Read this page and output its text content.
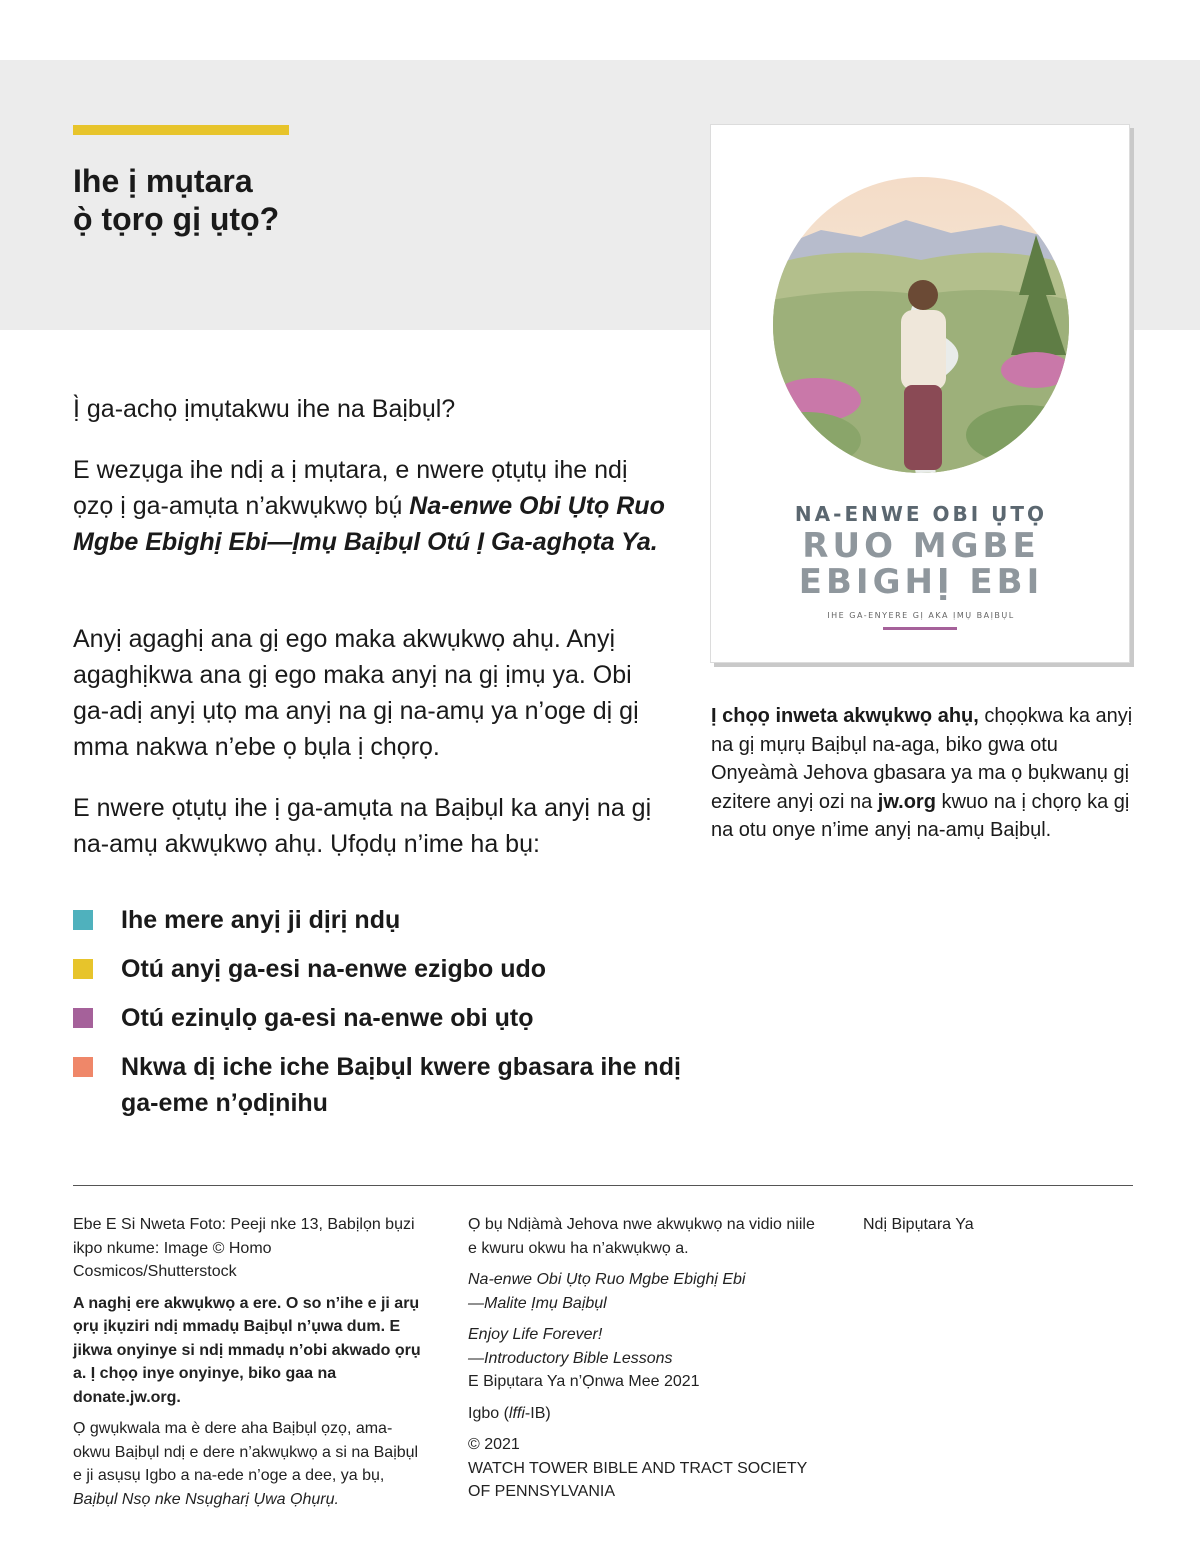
Ihe ị mụtara
ọ̀ tọrọ gị ụtọ?
NA-ENWE OBI ỤTỌ
RUO MGBE
EBIGHỊ EBI
IHE GA-ENYERE GỊ AKA ỊMỤ BAỊBỤL

Ị̀ ga-achọ ịmụtakwu ihe na Baịbụl?

E wezụga ihe ndị a ị mụtara, e nwere ọtụtụ ihe ndị ọzọ ị ga-amụta n’akwụkwọ bụ́ Na-enwe Obi Ụtọ Ruo Mgbe Ebighị Ebi—Ịmụ Baịbụl Otú Ị Ga-aghọta Ya.

Anyị agaghị ana gị ego maka akwụkwọ ahụ. Anyị agaghịkwa ana gị ego maka anyị na gị ịmụ ya. Obi ga-adị anyị ụtọ ma anyị na gị na-amụ ya n’oge dị gị mma nakwa n’ebe ọ bụla ị chọrọ.

E nwere ọtụtụ ihe ị ga-amụta na Baịbụl ka anyị na gị na-amụ akwụkwọ ahụ. Ụfọdụ n’ime ha bụ:

Ihe mere anyị ji dịrị ndụ
Otú anyị ga-esi na-enwe ezigbo udo
Otú ezinụlọ ga-esi na-enwe obi ụtọ
Nkwa dị iche iche Baịbụl kwere gbasara ihe ndị ga-eme n’ọdịnihu

Ị chọọ inweta akwụkwọ ahụ, chọọkwa ka anyị na gị mụrụ Baịbụl na-aga, biko gwa otu Onyeàmà Jehova gbasara ya ma ọ bụkwanụ gị ezitere anyị ozi na jw.org kwuo na ị chọrọ ka gị na otu onye n’ime anyị na-amụ Baịbụl.

Ebe E Si Nweta Foto: Peeji nke 13, Babịlọn bụzi ikpo nkume: Image © Homo Cosmicos/Shutterstock

A naghị ere akwụkwọ a ere. O so n’ihe e ji arụ ọrụ ịkụziri ndị mmadụ Baịbụl n’ụwa dum. E jikwa onyinye si ndị mmadụ n’obi akwado ọrụ a. Ị chọọ inye onyinye, biko gaa na donate.jw.org.

Ọ gwụkwala ma è dere aha Baịbụl ọzọ, ama-okwu Baịbụl ndị e dere n’akwụkwọ a si na Baịbụl e ji asụsụ Igbo a na-ede n’oge a dee, ya bụ, Baịbụl Nsọ nke Nsụgharị Ụwa Ọhụrụ.

Ọ bụ Ndịàmà Jehova nwe akwụkwọ na vidio niile e kwuru okwu ha n’akwụkwọ a.

Na-enwe Obi Ụtọ Ruo Mgbe Ebighị Ebi
—Malite Ịmụ Baịbụl

Enjoy Life Forever!
—Introductory Bible Lessons
E Bipụtara Ya n’Ọnwa Mee 2021

Igbo (lffi-IB)

© 2021
WATCH TOWER BIBLE AND TRACT SOCIETY
OF PENNSYLVANIA

Ndị Bipụtara Ya
